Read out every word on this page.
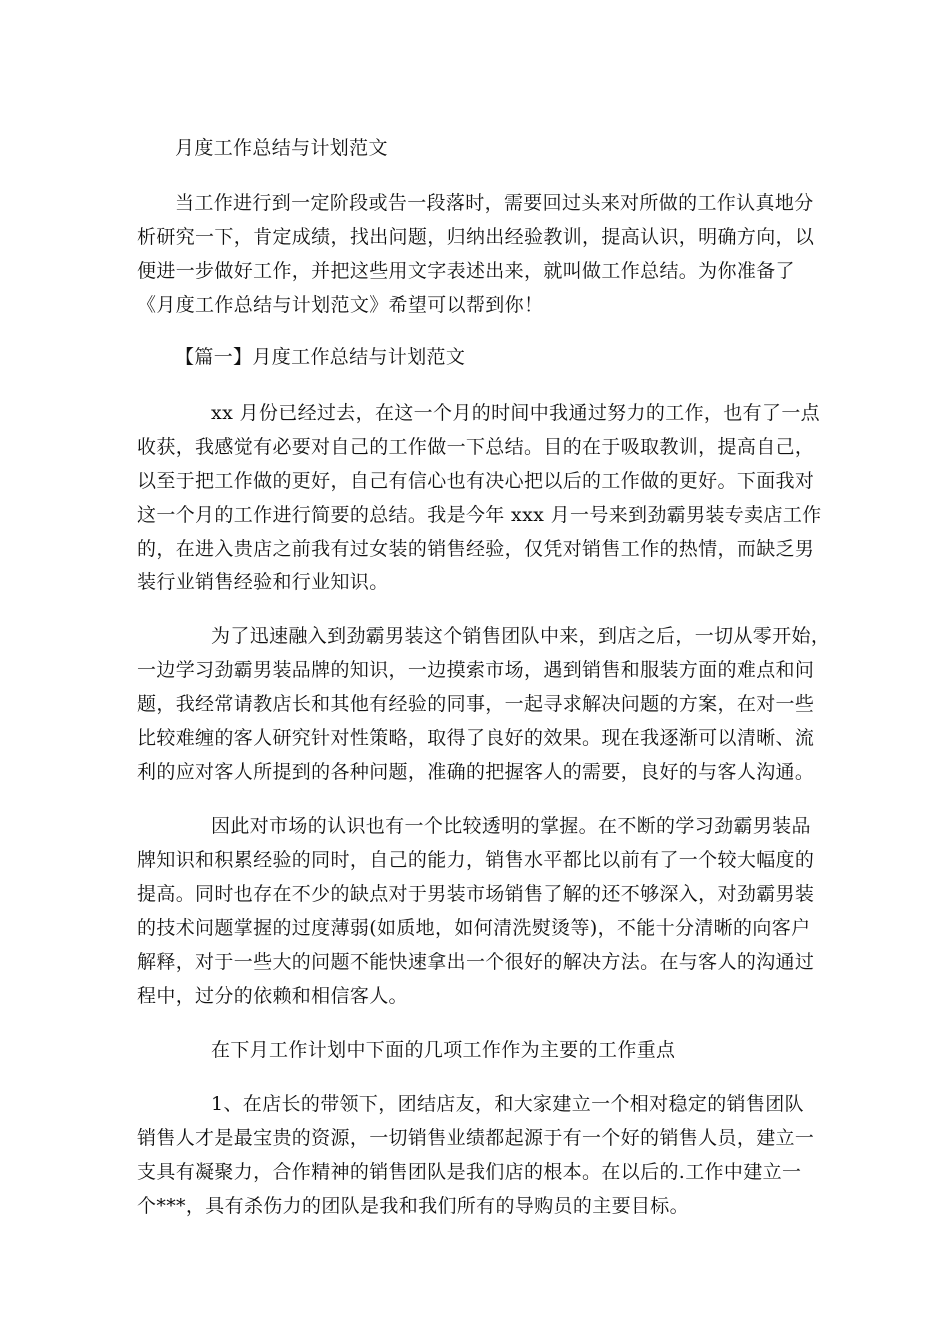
月度工作总结与计划范文
当工作进行到一定阶段或告一段落时，需要回过头来对所做的工作认真地分
析研究一下，肯定成绩，找出问题，归纳出经验教训，提高认识，明确方向，以
便进一步做好工作，并把这些用文字表述出来，就叫做工作总结。为你准备了
《月度工作总结与计划范文》希望可以帮到你！
【篇一】月度工作总结与计划范文
xx 月份已经过去，在这一个月的时间中我通过努力的工作，也有了一点
收获，我感觉有必要对自己的工作做一下总结。目的在于吸取教训，提高自己，
以至于把工作做的更好，自己有信心也有决心把以后的工作做的更好。下面我对
这一个月的工作进行简要的总结。我是今年 xxx 月一号来到劲霸男装专卖店工作
的，在进入贵店之前我有过女装的销售经验，仅凭对销售工作的热情，而缺乏男
装行业销售经验和行业知识。
为了迅速融入到劲霸男装这个销售团队中来，到店之后，一切从零开始，
一边学习劲霸男装品牌的知识，一边摸索市场，遇到销售和服装方面的难点和问
题，我经常请教店长和其他有经验的同事，一起寻求解决问题的方案，在对一些
比较难缠的客人研究针对性策略，取得了良好的效果。现在我逐渐可以清晰、流
利的应对客人所提到的各种问题，准确的把握客人的需要，良好的与客人沟通。
因此对市场的认识也有一个比较透明的掌握。在不断的学习劲霸男装品
牌知识和积累经验的同时，自己的能力，销售水平都比以前有了一个较大幅度的
提高。同时也存在不少的缺点对于男装市场销售了解的还不够深入，对劲霸男装
的技术问题掌握的过度薄弱(如质地，如何清洗熨烫等)，不能十分清晰的向客户
解释，对于一些大的问题不能快速拿出一个很好的解决方法。在与客人的沟通过
程中，过分的依赖和相信客人。
在下月工作计划中下面的几项工作作为主要的工作重点
1、在店长的带领下，团结店友，和大家建立一个相对稳定的销售团队
销售人才是最宝贵的资源，一切销售业绩都起源于有一个好的销售人员，建立一
支具有凝聚力，合作精神的销售团队是我们店的根本。在以后的.工作中建立一
个***，具有杀伤力的团队是我和我们所有的导购员的主要目标。
